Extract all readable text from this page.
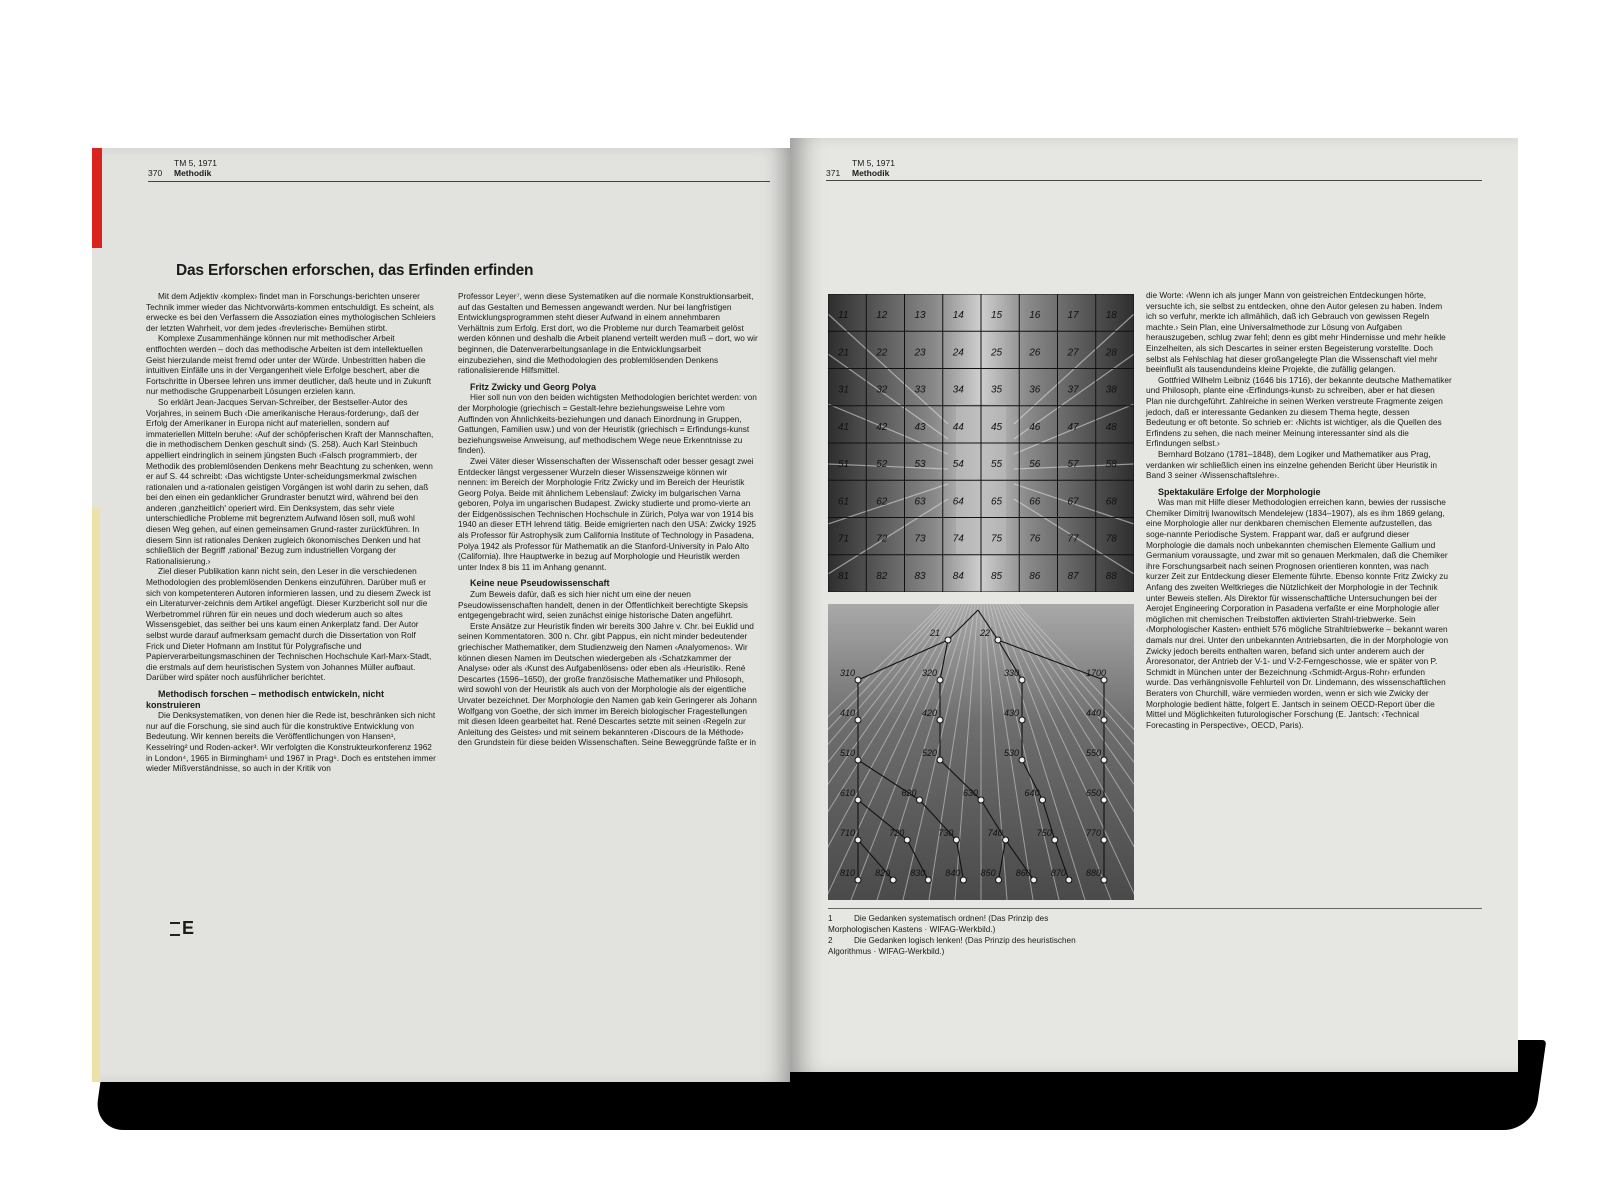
370
TM 5, 1971
Methodik
Das Erforschen erforschen, das Erfinden erfinden

Mit dem Adjektiv ‹komplex› findet man in Forschungs-berichten unserer Technik immer wieder das Nichtvorwärts-kommen entschuldigt. Es scheint, als erwecke es bei den Verfassern die Assoziation eines mythologischen Schleiers der letzten Wahrheit, vor dem jedes ‹frevlerische› Bemühen stirbt.

Komplexe Zusammenhänge können nur mit methodischer Arbeit entflochten werden – doch das methodische Arbeiten ist dem intellektuellen Geist hierzulande meist fremd oder unter der Würde. Unbestritten haben die intuitiven Einfälle uns in der Vergangenheit viele Erfolge beschert, aber die Fortschritte in Übersee lehren uns immer deutlicher, daß heute und in Zukunft nur methodische Gruppenarbeit Lösungen erzielen kann.

So erklärt Jean-Jacques Servan-Schreiber, der Bestseller-Autor des Vorjahres, in seinem Buch ‹Die amerikanische Heraus-forderung›, daß der Erfolg der Amerikaner in Europa nicht auf materiellen, sondern auf immateriellen Mitteln beruhe: ‹Auf der schöpferischen Kraft der Mannschaften, die in methodischem Denken geschult sind› (S. 258). Auch Karl Steinbuch appelliert eindringlich in seinem jüngsten Buch ‹Falsch programmiert›, der Methodik des problemlösenden Denkens mehr Beachtung zu schenken, wenn er auf S. 44 schreibt: ‹Das wichtigste Unter-scheidungsmerkmal zwischen rationalen und a-rationalen geistigen Vorgängen ist wohl darin zu sehen, daß bei den einen ein gedanklicher Grundraster benutzt wird, während bei den anderen ‚ganzheitlich' operiert wird. Ein Denksystem, das sehr viele unterschiedliche Probleme mit begrenztem Aufwand lösen soll, muß wohl diesen Weg gehen, auf einen gemeinsamen Grund-raster zurückführen. In diesem Sinn ist rationales Denken zugleich ökonomisches Denken und hat schließlich der Begriff ‚rational' Bezug zum industriellen Vorgang der Rationalisierung.›

Ziel dieser Publikation kann nicht sein, den Leser in die verschiedenen Methodologien des problemlösenden Denkens einzuführen. Darüber muß er sich von kompetenteren Autoren informieren lassen, und zu diesem Zweck ist ein Literaturver-zeichnis dem Artikel angefügt. Dieser Kurzbericht soll nur die Werbetrommel rühren für ein neues und doch wiederum auch so altes Wissensgebiet, das seither bei uns kaum einen Ankerplatz fand. Der Autor selbst wurde darauf aufmerksam gemacht durch die Dissertation von Rolf Frick und Dieter Hofmann am Institut für Polygrafische und Papierverarbeitungsmaschinen der Technischen Hochschule Karl-Marx-Stadt, die erstmals auf dem heuristischen System von Johannes Müller aufbaut. Darüber wird später noch ausführlicher berichtet.

Methodisch forschen – methodisch entwickeln, nicht konstruieren

Die Denksystematiken, von denen hier die Rede ist, beschränken sich nicht nur auf die Forschung, sie sind auch für die konstruktive Entwicklung von Bedeutung. Wir kennen bereits die Veröffentlichungen von Hansen¹, Kesselring² und Roden-acker³. Wir verfolgten die Konstrukteurkonferenz 1962 in London⁴, 1965 in Birmingham⁵ und 1967 in Prag⁶. Doch es entstehen immer wieder Mißverständnisse, so auch in der Kritik von

Professor Leyer⁷, wenn diese Systematiken auf die normale Konstruktionsarbeit, auf das Gestalten und Bemessen angewandt werden. Nur bei langfristigen Entwicklungsprogrammen steht dieser Aufwand in einem annehmbaren Verhältnis zum Erfolg. Erst dort, wo die Probleme nur durch Teamarbeit gelöst werden können und deshalb die Arbeit planend verteilt werden muß – dort, wo wir beginnen, die Datenverarbeitungsanlage in die Entwicklungsarbeit einzubeziehen, sind die Methodologien des problemlösenden Denkens rationalisierende Hilfsmittel.

Fritz Zwicky und Georg Polya

Hier soll nun von den beiden wichtigsten Methodologien berichtet werden: von der Morphologie (griechisch = Gestalt-lehre beziehungsweise Lehre vom Auffinden von Ähnlichkeits-beziehungen und danach Einordnung in Gruppen, Gattungen, Familien usw.) und von der Heuristik (griechisch = Erfindungs-kunst beziehungsweise Anweisung, auf methodischem Wege neue Erkenntnisse zu finden).

Zwei Väter dieser Wissenschaften der Wissenschaft oder besser gesagt zwei Entdecker längst vergessener Wurzeln dieser Wissenszweige können wir nennen: im Bereich der Morphologie Fritz Zwicky und im Bereich der Heuristik Georg Polya. Beide mit ähnlichem Lebenslauf: Zwicky im bulgarischen Varna geboren, Polya im ungarischen Budapest. Zwicky studierte und promo-vierte an der Eidgenössischen Technischen Hochschule in Zürich, Polya war von 1914 bis 1940 an dieser ETH lehrend tätig. Beide emigrierten nach den USA: Zwicky 1925 als Professor für Astrophysik zum California Institute of Technology in Pasadena, Polya 1942 als Professor für Mathematik an die Stanford-University in Palo Alto (California). Ihre Hauptwerke in bezug auf Morphologie und Heuristik werden unter Index 8 bis 11 im Anhang genannt.

Keine neue Pseudowissenschaft

Zum Beweis dafür, daß es sich hier nicht um eine der neuen Pseudowissenschaften handelt, denen in der Öffentlichkeit berechtigte Skepsis entgegengebracht wird, seien zunächst einige historische Daten angeführt.

Erste Ansätze zur Heuristik finden wir bereits 300 Jahre v. Chr. bei Euklid und seinen Kommentatoren. 300 n. Chr. gibt Pappus, ein nicht minder bedeutender griechischer Mathematiker, dem Studienzweig den Namen ‹Analyomenos›. Wir können diesen Namen im Deutschen wiedergeben als ‹Schatzkammer der Analyse› oder als ‹Kunst des Aufgabenlösens› oder eben als ‹Heuristik›. René Descartes (1596–1650), der große französische Mathematiker und Philosoph, wird sowohl von der Heuristik als auch von der Morphologie als der eigentliche Urvater bezeichnet. Der Morphologie den Namen gab kein Geringerer als Johann Wolfgang von Goethe, der sich immer im Bereich biologischer Fragestellungen mit diesen Ideen gearbeitet hat. René Descartes setzte mit seinen ‹Regeln zur Anleitung des Geistes› und mit seinem bekannteren ‹Discours de la Méthode› den Grundstein für diese beiden Wissenschaften. Seine Beweggründe faßte er in

E
371
TM 5, 1971
Methodik
11	12	13	14	15	16	17	18
21	22	23	24	25	26	27	28
31	32	33	34	35	36	37	38
41	42	43	44	45	46	47	48
51	52	53	54	55	56	57	58
61	62	63	64	65	66	67	68
71	72	73	74	75	76	77	78
81	82	83	84	85	86	87	88
21	22
310	320	330	1700
410	420	430	440
510	520	530	550
610	620	630	640	650
710	720	730	740	750	770
810 820 830 840 850 860 870 880

die Worte: ‹Wenn ich als junger Mann von geistreichen Entdeckungen hörte, versuchte ich, sie selbst zu entdecken, ohne den Autor gelesen zu haben. Indem ich so verfuhr, merkte ich allmählich, daß ich Gebrauch von gewissen Regeln machte.› Sein Plan, eine Universalmethode zur Lösung von Aufgaben herauszugeben, schlug zwar fehl; denn es gibt mehr Hindernisse und mehr heikle Einzelheiten, als sich Descartes in seiner ersten Begeisterung vorstellte. Doch selbst als Fehlschlag hat dieser großangelegte Plan die Wissenschaft viel mehr beeinflußt als tausendundeins kleine Projekte, die zufällig gelangen.

Gottfried Wilhelm Leibniz (1646 bis 1716), der bekannte deutsche Mathematiker und Philosoph, plante eine ‹Erfindungs-kunst› zu schreiben, aber er hat diesen Plan nie durchgeführt. Zahlreiche in seinen Werken verstreute Fragmente zeigen jedoch, daß er interessante Gedanken zu diesem Thema hegte, dessen Bedeutung er oft betonte. So schrieb er: ‹Nichts ist wichtiger, als die Quellen des Erfindens zu sehen, die nach meiner Meinung interessanter sind als die Erfindungen selbst.›

Bernhard Bolzano (1781–1848), dem Logiker und Mathematiker aus Prag, verdanken wir schließlich einen ins einzelne gehenden Bericht über Heuristik in Band 3 seiner ‹Wissenschaftslehre›.

Spektakuläre Erfolge der Morphologie

Was man mit Hilfe dieser Methodologien erreichen kann, bewies der russische Chemiker Dimitrij Iwanowitsch Mendelejew (1834–1907), als es ihm 1869 gelang, eine Morphologie aller nur denkbaren chemischen Elemente aufzustellen, das soge-nannte Periodische System. Frappant war, daß er aufgrund dieser Morphologie die damals noch unbekannten chemischen Elemente Gallium und Germanium voraussagte, und zwar mit so genauen Merkmalen, daß die Chemiker ihre Forschungsarbeit nach seinen Prognosen orientieren konnten, was nach kurzer Zeit zur Entdeckung dieser Elemente führte. Ebenso konnte Fritz Zwicky zu Anfang des zweiten Weltkrieges die Nützlichkeit der Morphologie in der Technik unter Beweis stellen. Als Direktor für wissenschaftliche Untersuchungen bei der Aerojet Engineering Corporation in Pasadena verfaßte er eine Morphologie aller möglichen mit chemischen Treibstoffen aktivierten Strahl-triebwerke. Sein ‹Morphologischer Kasten› enthielt 576 mögliche Strahltriebwerke – bekannt waren damals nur drei. Unter den unbekannten Antriebsarten, die in der Morphologie von Zwicky jedoch bereits enthalten waren, befand sich unter anderem auch der Äroresonator, der Antrieb der V-1- und V-2-Ferngeschosse, wie er später von P. Schmidt in München unter der Bezeichnung ‹Schmidt-Argus-Rohr› erfunden wurde. Das verhängnisvolle Fehlurteil von Dr. Lindemann, des wissenschaftlichen Beraters von Churchill, wäre vermieden worden, wenn er sich wie Zwicky der Morphologie bedient hätte, folgert E. Jantsch in seinem OECD-Report über die Mittel und Möglichkeiten futurologischer Forschung (E. Jantsch: ‹Technical Forecasting in Perspective›, OECD, Paris).

1	Die Gedanken systematisch ordnen! (Das Prinzip des
Morphologischen Kastens · WIFAG-Werkbild.)
2	Die Gedanken logisch lenken! (Das Prinzip des heuristischen
Algorithmus · WIFAG-Werkbild.)
